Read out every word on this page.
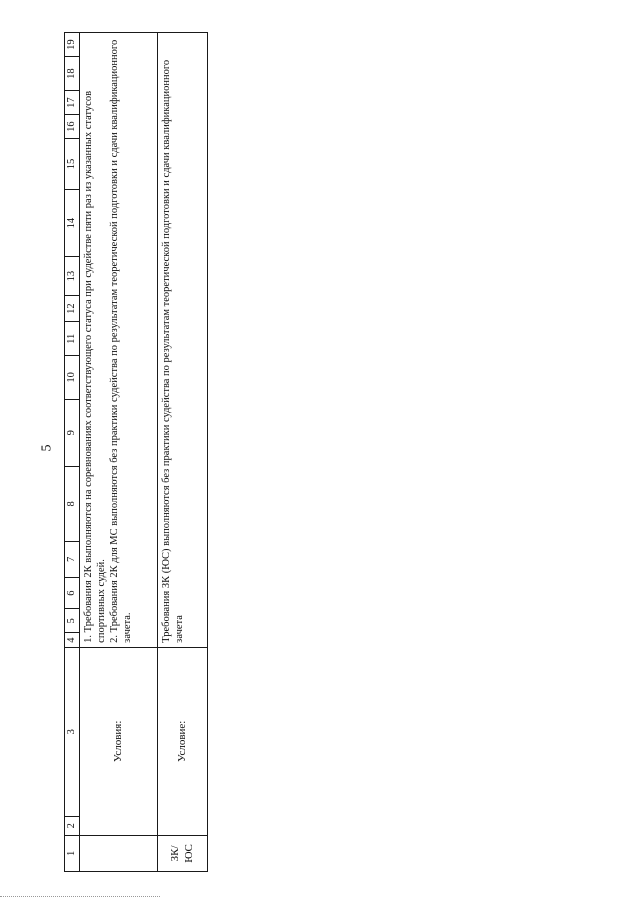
5
1	2	3	4	5	6	7	8	9	10	11	12	13	14	15	16	17	18	19
	Условия:		1. Требования 2К выполняются на соревнованиях соответствующего статуса при судействе пяти раз из указанных статусов спортивных судей. 2. Требования 2К для МС выполняются без практики судейства по результатам теоретической подготовки и сдачи квалификационного зачета.															

ЗК/ ЮС	Условие:		Требования ЗК (ЮС) выполняются без практики судейства по результатам теоретической подготовки и сдачи квалификационного зачета															
